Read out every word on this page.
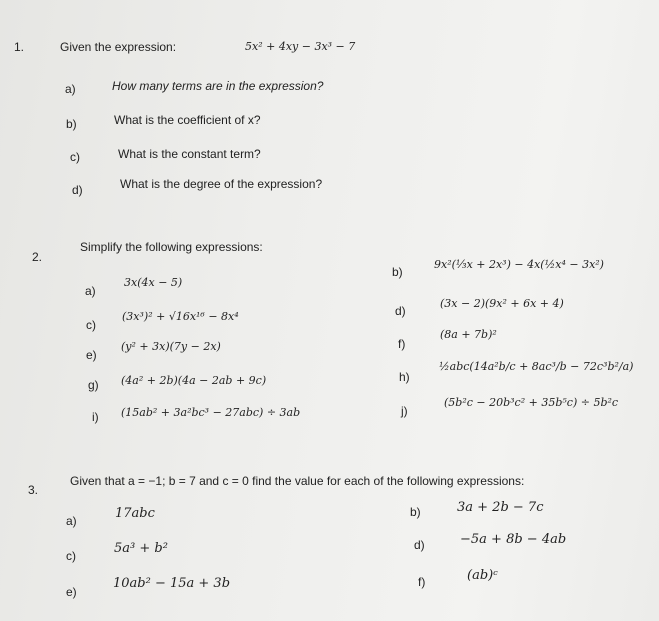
1.	Given the expression:	5x² + 4xy − 3x³ − 7
a)	How many terms are in the expression?
b)	What is the coefficient of x?
c)	What is the constant term?
d)	What is the degree of the expression?
2.
Simplify the following expressions:
a)
3x(4x − 5)
c)
(3x³)² + √16x¹⁶ − 8x⁴
e)
(y² + 3x)(7y − 2x)
g) (4a² + 2b)(4a − 2ab + 9c)
i) (15ab² + 3a²bc³ − 27abc) ÷ 3ab
b)
9x²(⅓x + 2x³) − 4x(½x⁴ − 3x²)
d)
(3x − 2)(9x² + 6x + 4)
f)
(8a + 7b)²
h)
½abc(14a²b/c + 8ac³/b − 72c³b²/a)
j)
(5b²c − 20b³c² + 35b⁵c) ÷ 5b²c
3.
Given that a = −1; b = 7 and c = 0 find the value for each of the following expressions:
a)	17abc
c)	5a³ + b²
e)
10ab² − 15a + 3b
b)	3a + 2b − 7c
d)	−5a + 8b − 4ab
f)	(ab)ᶜ
